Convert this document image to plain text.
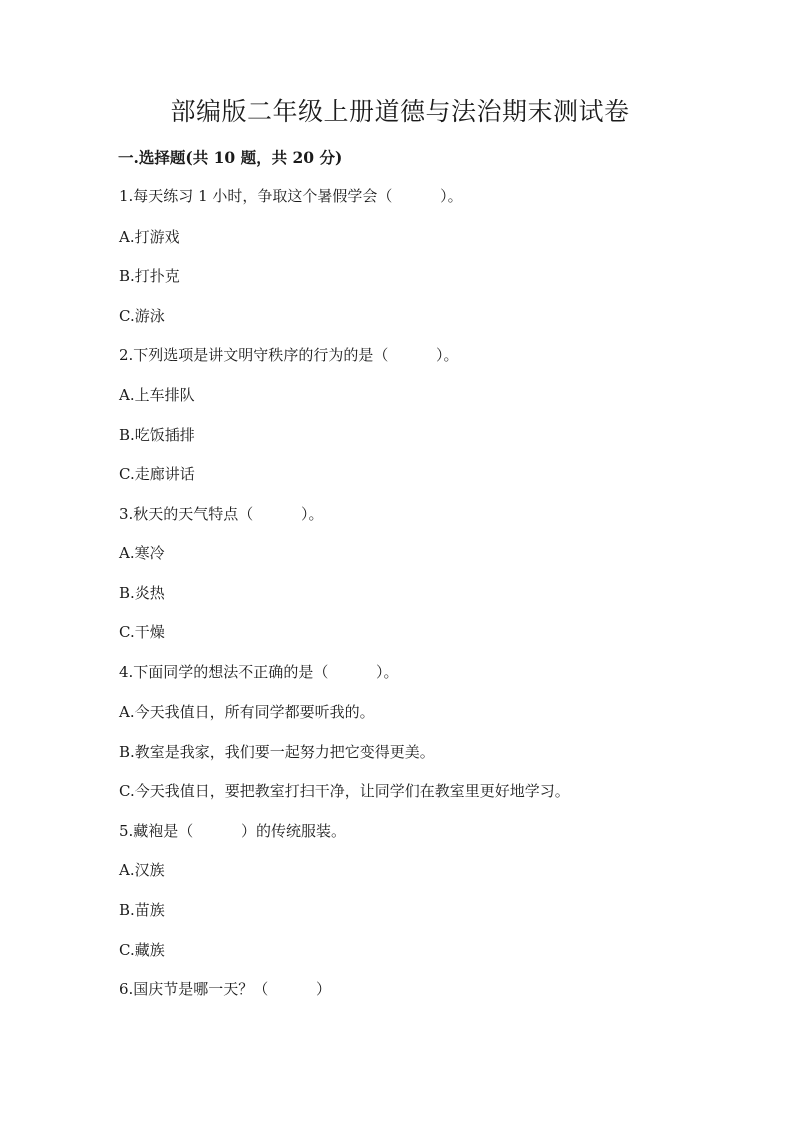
部编版二年级上册道德与法治期末测试卷
一.选择题(共 10 题，共 20 分)
1.每天练习 1 小时，争取这个暑假学会（          ）。
A.打游戏
B.打扑克
C.游泳
2.下列选项是讲文明守秩序的行为的是（          ）。
A.上车排队
B.吃饭插排
C.走廊讲话
3.秋天的天气特点（          ）。
A.寒冷
B.炎热
C.干燥
4.下面同学的想法不正确的是（          ）。
A.今天我值日，所有同学都要听我的。
B.教室是我家，我们要一起努力把它变得更美。
C.今天我值日，要把教室打扫干净，让同学们在教室里更好地学习。
5.藏袍是（          ）的传统服装。
A.汉族
B.苗族
C.藏族
6.国庆节是哪一天？（          ）
